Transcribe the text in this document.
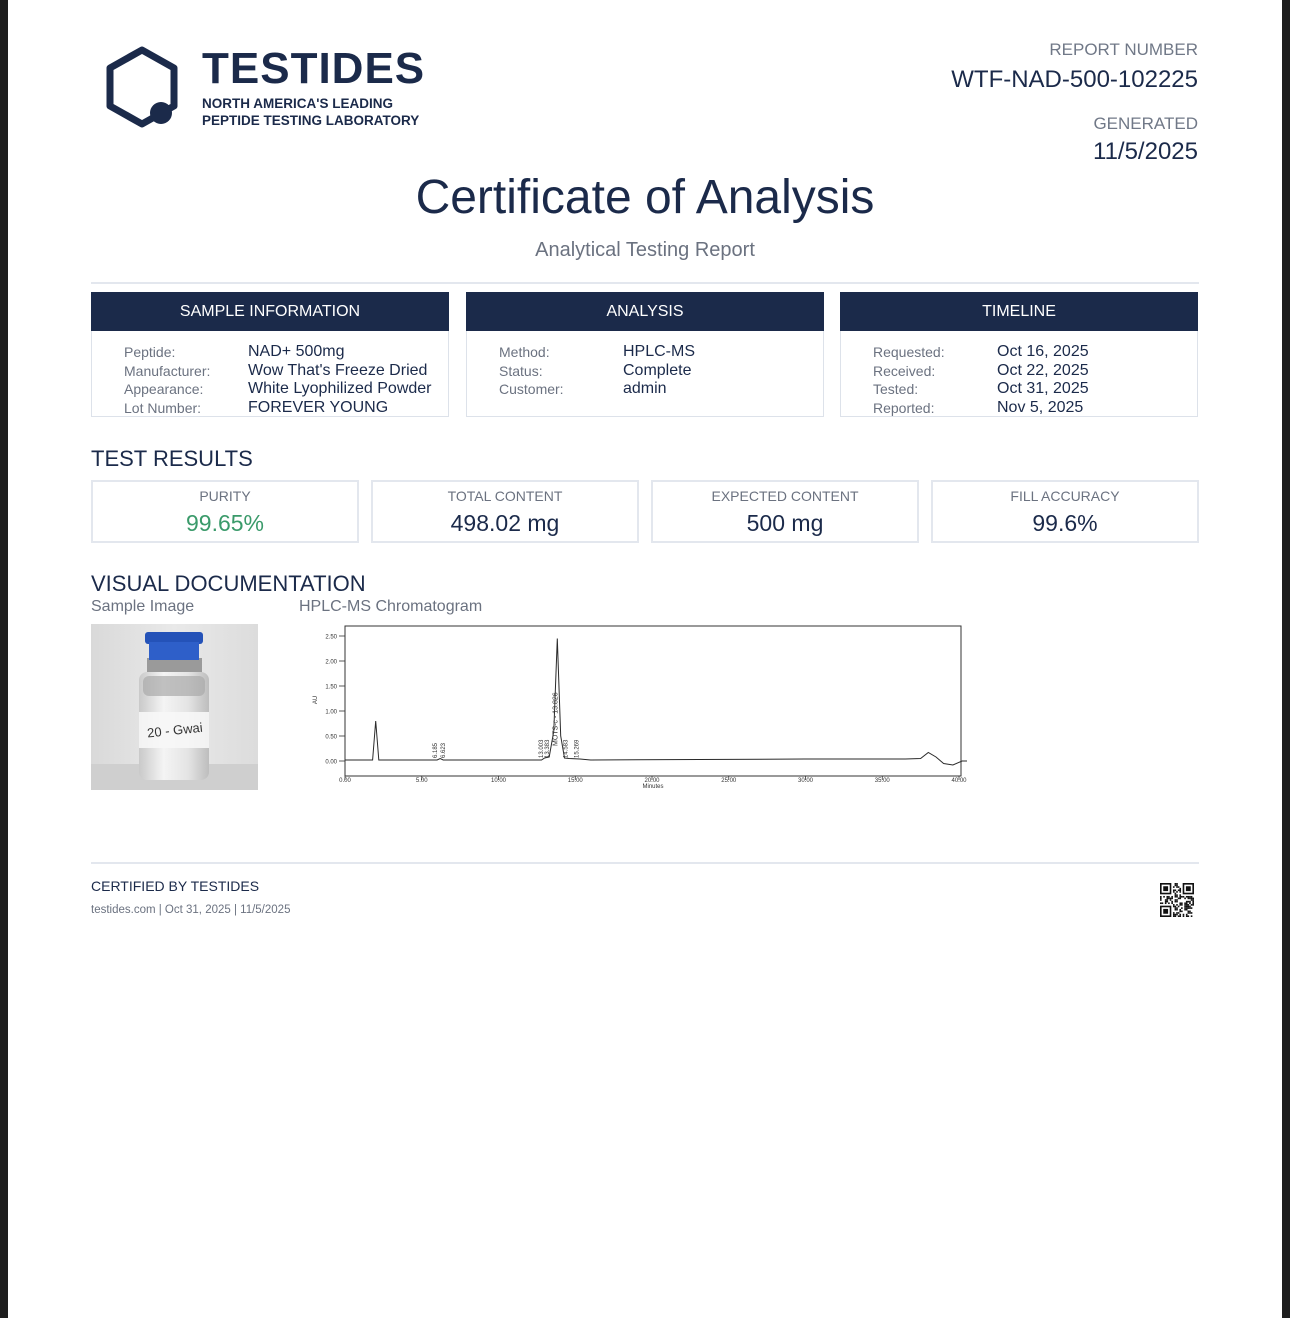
TESTIDES
NORTH AMERICA'S LEADING
PEPTIDE TESTING LABORATORY
REPORT NUMBER
WTF-NAD-500-102225
GENERATED
11/5/2025
Certificate of Analysis
Analytical Testing Report
SAMPLE INFORMATION
Peptide:	NAD+ 500mg
Manufacturer: Wow That's Freeze Dried
Appearance:	White Lyophilized Powder
Lot Number:	FOREVER YOUNG
ANALYSIS
Method:	HPLC-MS
Status:	Complete
Customer:	admin
TIMELINE
Requested:	Oct 16, 2025
Received:	Oct 22, 2025
Tested:	Oct 31, 2025
Reported:	Nov 5, 2025
TEST RESULTS
PURITY
99.65%
TOTAL CONTENT
498.02 mg
EXPECTED CONTENT
500 mg
FILL ACCURACY
99.6%
VISUAL DOCUMENTATION
Sample Image	HPLC-MS Chromatogram
20 - Gwai
0.00
0.50
1.00
1.50
2.00
2.50
0.00	5.00	10.00	15.00	20.00	25.00	30.00	35.00	40.00
AU
Minutes
6.185 6.623	13.003 13.383
MOTS-c - 13.826
14.583 15.269
CERTIFIED BY TESTIDES
testides.com | Oct 31, 2025 | 11/5/2025
